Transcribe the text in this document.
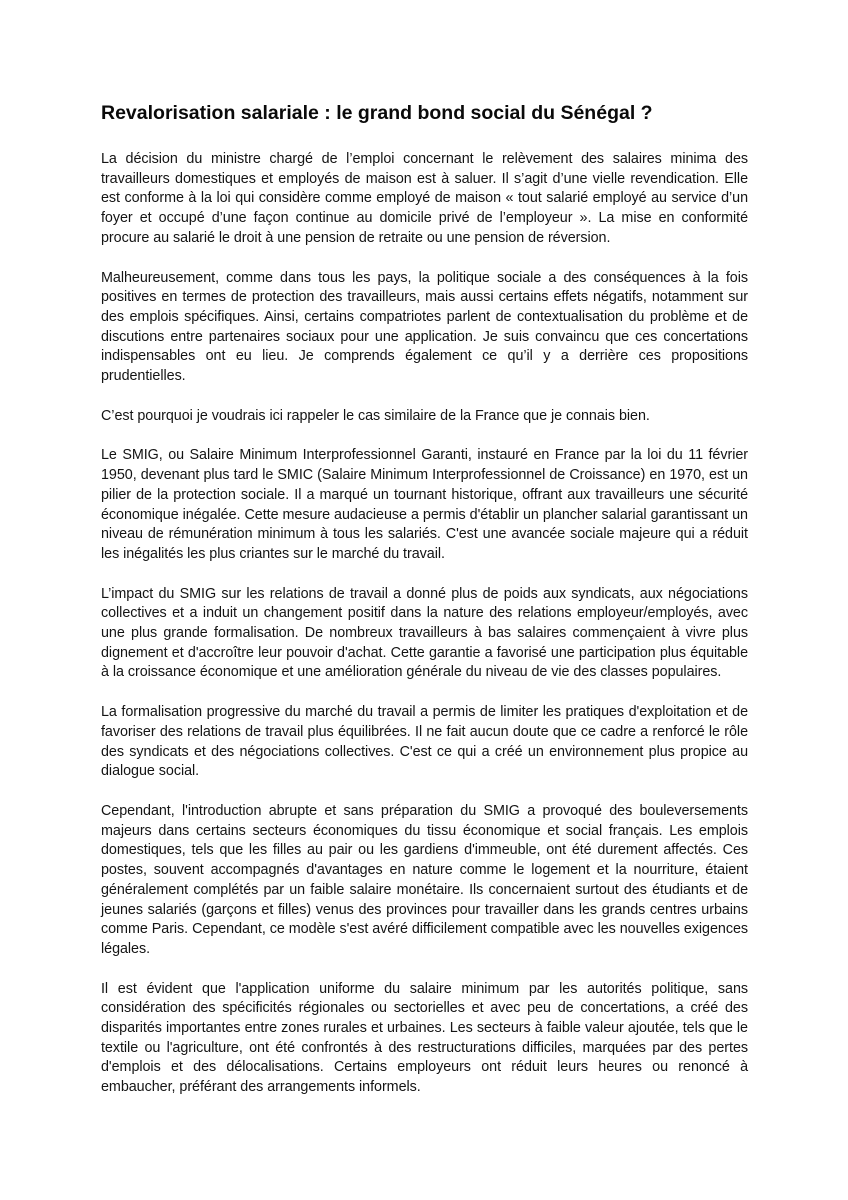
Revalorisation salariale : le grand bond social du Sénégal ?

La décision du ministre chargé de l’emploi concernant le relèvement des salaires minima des travailleurs domestiques et employés de maison est à saluer. Il s’agit d’une vielle revendication. Elle est conforme à la loi qui considère comme employé de maison « tout salarié employé au service d’un foyer et occupé d’une façon continue au domicile privé de l’employeur ». La mise en conformité procure au salarié le droit à une pension de retraite ou une pension de réversion.

Malheureusement, comme dans tous les pays, la politique sociale a des conséquences à la fois positives en termes de protection des travailleurs, mais aussi certains effets négatifs, notamment sur des emplois spécifiques. Ainsi, certains compatriotes parlent de contextualisation du problème et de discutions entre partenaires sociaux pour une application. Je suis convaincu que ces concertations indispensables ont eu lieu. Je comprends également ce qu’il y a derrière ces propositions prudentielles.

C’est pourquoi je voudrais ici rappeler le cas similaire de la France que je connais bien.

Le SMIG, ou Salaire Minimum Interprofessionnel Garanti, instauré en France par la loi du 11 février 1950, devenant plus tard le SMIC (Salaire Minimum Interprofessionnel de Croissance) en 1970, est un pilier de la protection sociale. Il a marqué un tournant historique, offrant aux travailleurs une sécurité économique inégalée. Cette mesure audacieuse a permis d'établir un plancher salarial garantissant un niveau de rémunération minimum à tous les salariés. C'est une avancée sociale majeure qui a réduit les inégalités les plus criantes sur le marché du travail.

L’impact du SMIG sur les relations de travail a donné plus de poids aux syndicats, aux négociations collectives et a induit un changement positif dans la nature des relations employeur/employés, avec une plus grande formalisation. De nombreux travailleurs à bas salaires commençaient à vivre plus dignement et d'accroître leur pouvoir d'achat. Cette garantie a favorisé une participation plus équitable à la croissance économique et une amélioration générale du niveau de vie des classes populaires.

La formalisation progressive du marché du travail a permis de limiter les pratiques d'exploitation et de favoriser des relations de travail plus équilibrées. Il ne fait aucun doute que ce cadre a renforcé le rôle des syndicats et des négociations collectives. C'est ce qui a créé un environnement plus propice au dialogue social.

Cependant, l'introduction abrupte et sans préparation du SMIG a provoqué des bouleversements majeurs dans certains secteurs économiques du tissu économique et social français. Les emplois domestiques, tels que les filles au pair ou les gardiens d'immeuble, ont été durement affectés. Ces postes, souvent accompagnés d'avantages en nature comme le logement et la nourriture, étaient généralement complétés par un faible salaire monétaire. Ils concernaient surtout des étudiants et de jeunes salariés (garçons et filles) venus des provinces pour travailler dans les grands centres urbains comme Paris. Cependant, ce modèle s'est avéré difficilement compatible avec les nouvelles exigences légales.

Il est évident que l'application uniforme du salaire minimum par les autorités politique, sans considération des spécificités régionales ou sectorielles et avec peu de concertations, a créé des disparités importantes entre zones rurales et urbaines. Les secteurs à faible valeur ajoutée, tels que le textile ou l'agriculture, ont été confrontés à des restructurations difficiles, marquées par des pertes d'emplois et des délocalisations. Certains employeurs ont réduit leurs heures ou renoncé à embaucher, préférant des arrangements informels.
